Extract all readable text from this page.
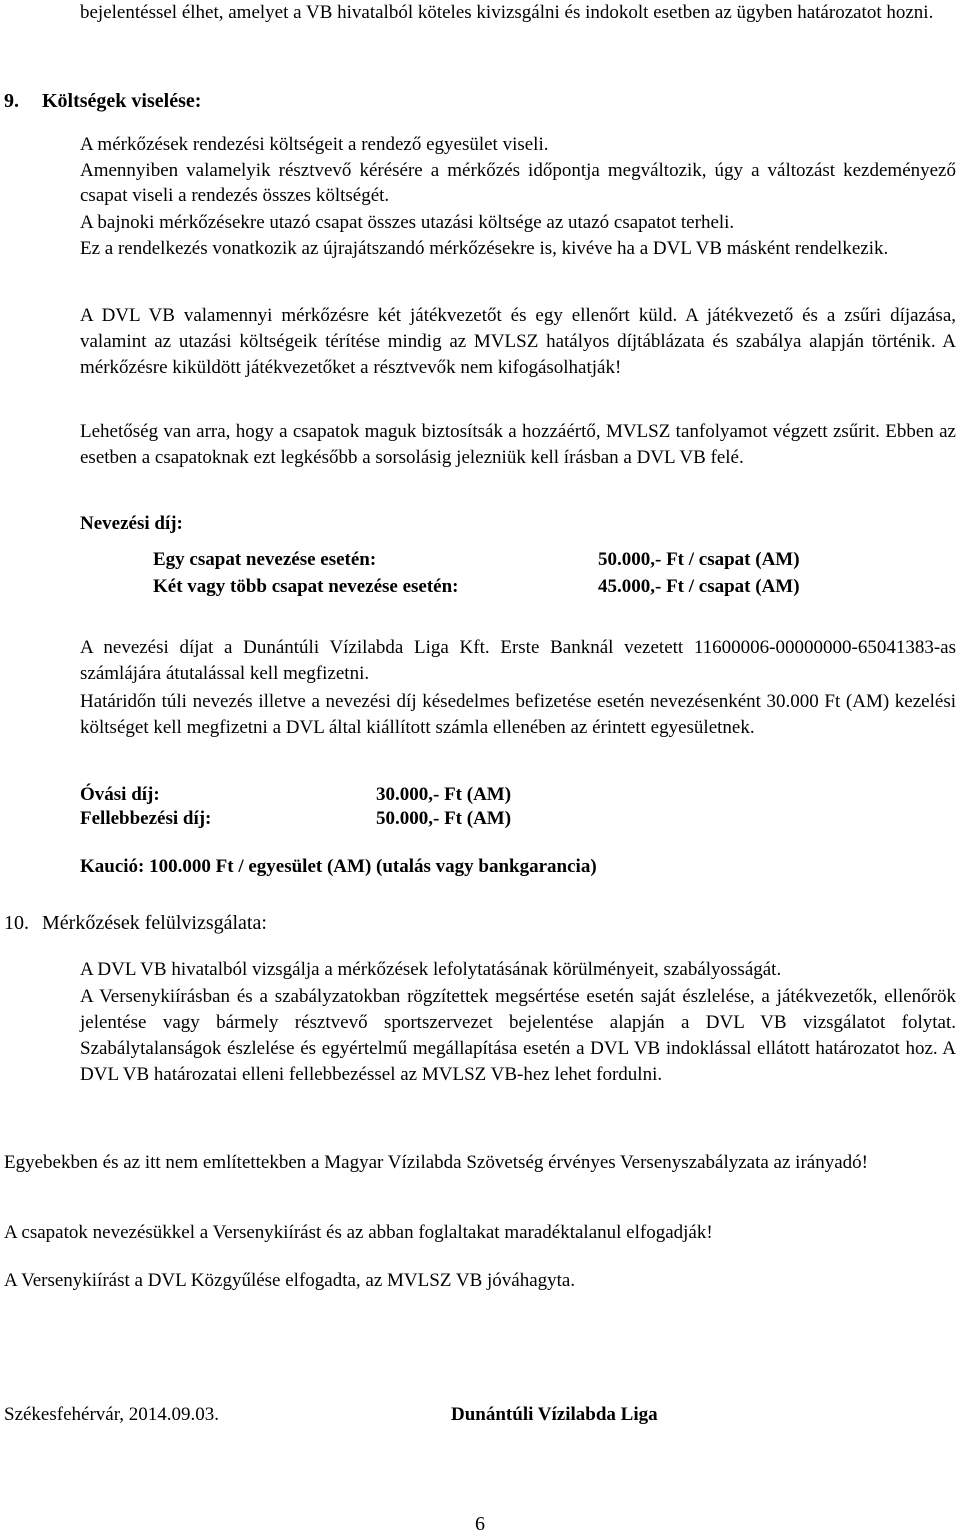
bejelentéssel élhet, amelyet a VB hivatalból köteles kivizsgálni és indokolt esetben az ügyben határozatot hozni.

9. Költségek viselése:

A mérkőzések rendezési költségeit a rendező egyesület viseli.

Amennyiben valamelyik résztvevő kérésére a mérkőzés időpontja megváltozik, úgy a változást kezdeményező csapat viseli a rendezés összes költségét.

A bajnoki mérkőzésekre utazó csapat összes utazási költsége az utazó csapatot terheli.

Ez a rendelkezés vonatkozik az újrajátszandó mérkőzésekre is, kivéve ha a DVL VB másként rendelkezik.

A DVL VB valamennyi mérkőzésre két játékvezetőt és egy ellenőrt küld. A játékvezető és a zsűri díjazása, valamint az utazási költségeik térítése mindig az MVLSZ hatályos díjtáblázata és szabálya alapján történik. A mérkőzésre kiküldött játékvezetőket a résztvevők nem kifogásolhatják!

Lehetőség van arra, hogy a csapatok maguk biztosítsák a hozzáértő, MVLSZ tanfolyamot végzett zsűrit. Ebben az esetben a csapatoknak ezt legkésőbb a sorsolásig jelezniük kell írásban a DVL VB felé.

Nevezési díj:
Egy csapat nevezése esetén:	50.000,- Ft / csapat (AM)
Két vagy több csapat nevezése esetén:	45.000,- Ft / csapat (AM)

A nevezési díjat a Dunántúli Vízilabda Liga Kft. Erste Banknál vezetett 11600006-00000000-65041383-as számlájára átutalással kell megfizetni.

Határidőn túli nevezés illetve a nevezési díj késedelmes befizetése esetén nevezésenként 30.000 Ft (AM) kezelési költséget kell megfizetni a DVL által kiállított számla ellenében az érintett egyesületnek.

Óvási díj:	30.000,- Ft (AM)
Fellebbezési díj:	50.000,- Ft (AM)
Kaució: 100.000 Ft / egyesület (AM) (utalás vagy bankgarancia)
10. Mérkőzések felülvizsgálata:

A DVL VB hivatalból vizsgálja a mérkőzések lefolytatásának körülményeit, szabályosságát.

A Versenykiírásban és a szabályzatokban rögzítettek megsértése esetén saját észlelése, a játékvezetők, ellenőrök jelentése vagy bármely résztvevő sportszervezet bejelentése alapján a DVL VB vizsgálatot folytat. Szabálytalanságok észlelése és egyértelmű megállapítása esetén a DVL VB indoklással ellátott határozatot hoz. A DVL VB határozatai elleni fellebbezéssel az MVLSZ VB-hez lehet fordulni.

Egyebekben és az itt nem említettekben a Magyar Vízilabda Szövetség érvényes Versenyszabályzata az irányadó!

A csapatok nevezésükkel a Versenykiírást és az abban foglaltakat maradéktalanul elfogadják!

A Versenykiírást a DVL Közgyűlése elfogadta, az MVLSZ VB jóváhagyta.

Székesfehérvár, 2014.09.03.	Dunántúli Vízilabda Liga
6
